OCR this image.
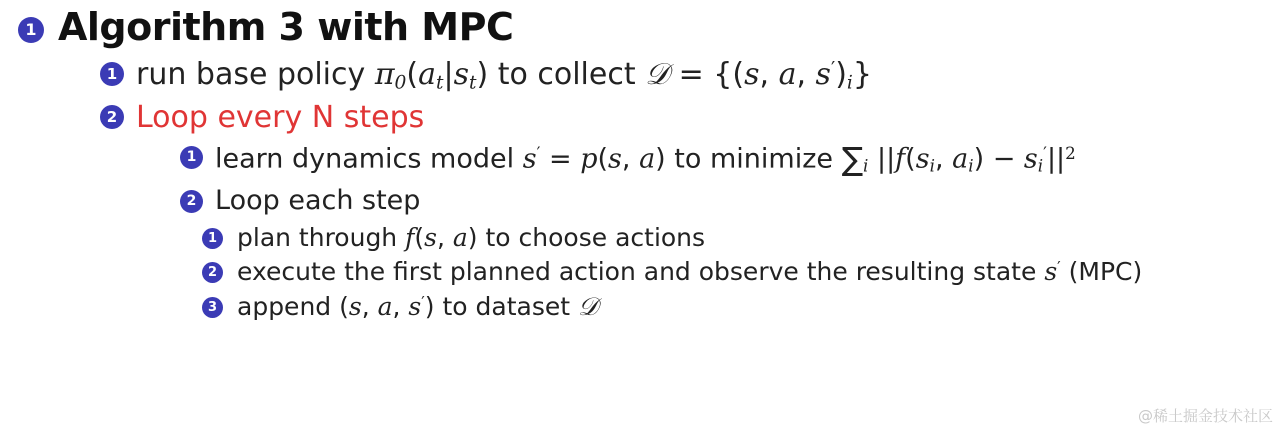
1 Algorithm 3 with MPC
1 run base policy $\pi_0(a_t|s_t)$ to collect 𝒟 = {(s, a, $s')_i$}
2 Loop every N steps
1 learn dynamics model s′ = p(s, a) to minimize $\sum_i$ $||f(s_i$, $a_i) - s_i'||^2$
2 Loop each step
1 plan through f(s, a) to choose actions
2 execute the first planned action and observe the resulting state s′ (MPC)
3 append (s, a, s′) to dataset 𝒟
@稀土掘金技术社区
